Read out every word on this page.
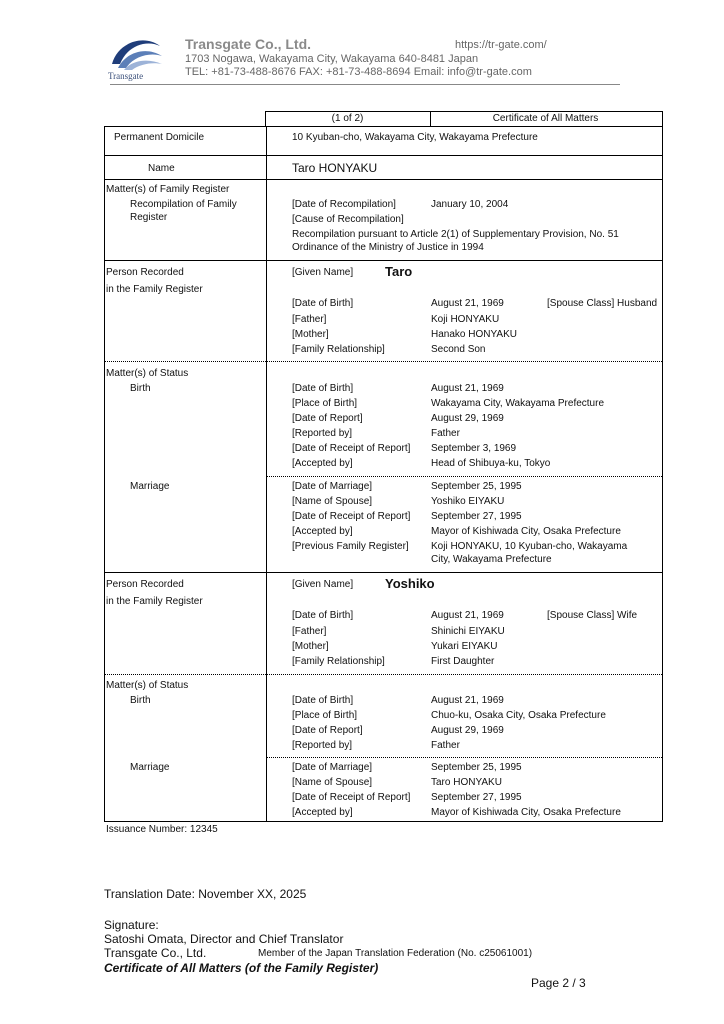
Transgate
Transgate Co., Ltd.	https://tr-gate.com/
1703 Nogawa, Wakayama City, Wakayama 640-8481 Japan
TEL: +81-73-488-8676 FAX: +81-73-488-8694 Email: info@tr-gate.com
(1 of 2)	Certificate of All Matters
Permanent Domicile	10 Kyuban-cho, Wakayama City, Wakayama Prefecture
Name	Taro HONYAKU
Matter(s) of Family Register
Recompilation of Family
Register
[Date of Recompilation]	January 10, 2004
[Cause of Recompilation]
Recompilation pursuant to Article 2(1) of Supplementary Provision, No. 51
Ordinance of the Ministry of Justice in 1994
Person Recorded
in the Family Register
[Given Name] Taro
[Date of Birth]	August 21, 1969	[Spouse Class] Husband
[Father]	Koji HONYAKU
[Mother]	Hanako HONYAKU
[Family Relationship]	Second Son
Matter(s) of Status
Birth	[Date of Birth]	August 21, 1969
[Place of Birth]	Wakayama City, Wakayama Prefecture
[Date of Report]	August 29, 1969
[Reported by]	Father
[Date of Receipt of Report] September 3, 1969
[Accepted by]	Head of Shibuya-ku, Tokyo
Marriage	[Date of Marriage]	September 25, 1995
[Name of Spouse]	Yoshiko EIYAKU
[Date of Receipt of Report] September 27, 1995
[Accepted by]	Mayor of Kishiwada City, Osaka Prefecture
[Previous Family Register] Koji HONYAKU, 10 Kyuban-cho, Wakayama
City, Wakayama Prefecture
Person Recorded
in the Family Register
[Given Name] Yoshiko
[Date of Birth]	August 21, 1969	[Spouse Class] Wife
[Father]	Shinichi EIYAKU
[Mother]	Yukari EIYAKU
[Family Relationship]	First Daughter
Matter(s) of Status
Birth	[Date of Birth]	August 21, 1969
[Place of Birth]	Chuo-ku, Osaka City, Osaka Prefecture
[Date of Report]	August 29, 1969
[Reported by]	Father
Marriage	[Date of Marriage]	September 25, 1995
[Name of Spouse]	Taro HONYAKU
[Date of Receipt of Report] September 27, 1995
[Accepted by]	Mayor of Kishiwada City, Osaka Prefecture
Issuance Number: 12345
Translation Date: November XX, 2025
Signature:
Satoshi Omata, Director and Chief Translator
Transgate Co., Ltd.	Member of the Japan Translation Federation (No. c25061001)
Certificate of All Matters (of the Family Register)
Page 2 / 3
